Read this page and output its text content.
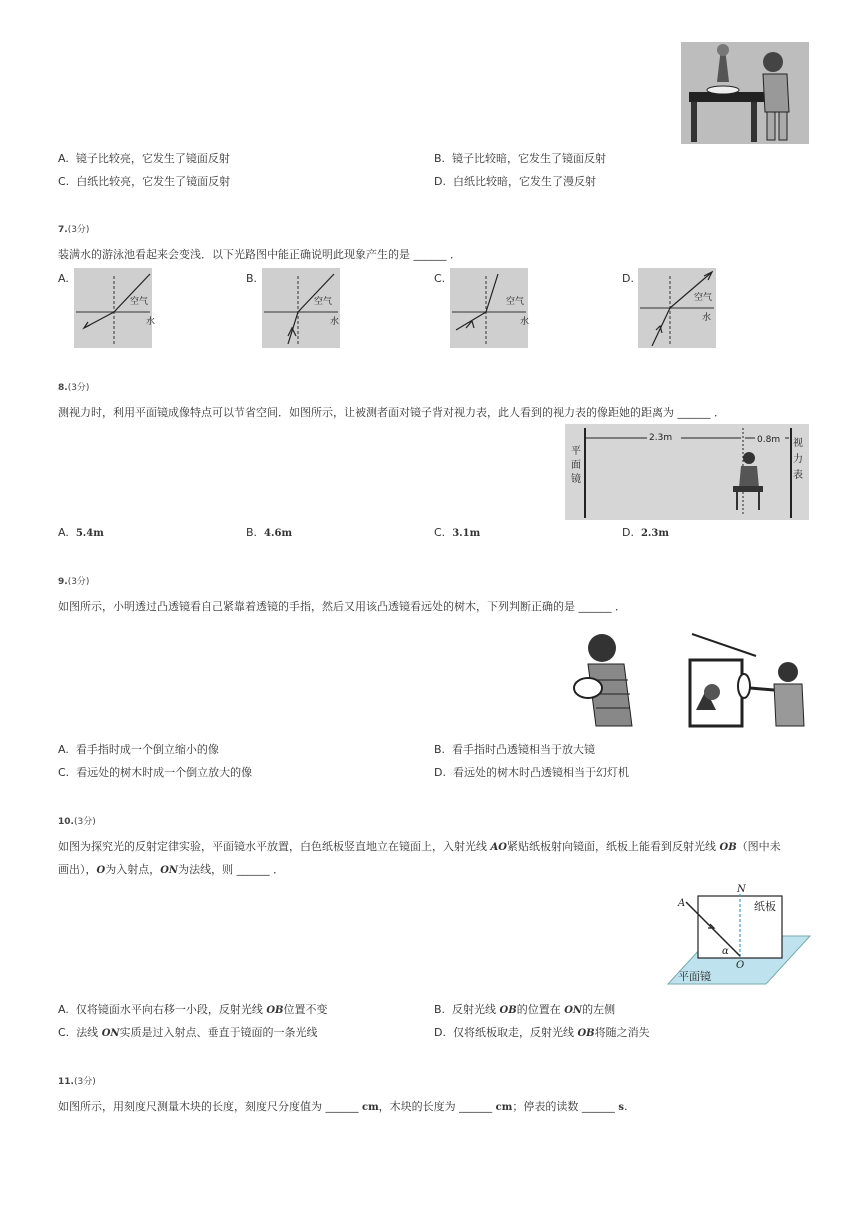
A. 镜子比较亮，它发生了镜面反射	B. 镜子比较暗，它发生了镜面反射
C. 白纸比较亮，它发生了镜面反射	D. 白纸比较暗，它发生了漫反射
7.(3分)
装满水的游泳池看起来会变浅．以下光路图中能正确说明此现象产生的是 ______ ．
A.	B.	C.	D.
空气
水
空气
水
空气
水
空气
水
8.(3分)
测视力时，利用平面镜成像特点可以节省空间．如图所示，让被测者面对镜子背对视力表，此人看到的视力表的像距她的距离为 ______ ．
平
面
镜
视
力
表
2.3m	0.8m
A. 5.4m	B. 4.6m	C. 3.1m	D. 2.3m
9.(3分)
如图所示，小明透过凸透镜看自己紧靠着透镜的手指，然后又用该凸透镜看远处的树木，下列判断正确的是 ______ ．
A. 看手指时成一个倒立缩小的像	B. 看手指时凸透镜相当于放大镜
C. 看远处的树木时成一个倒立放大的像	D. 看远处的树木时凸透镜相当于幻灯机
10.(3分)
如图为探究光的反射定律实验，平面镜水平放置，白色纸板竖直地立在镜面上，入射光线 AO紧贴纸板射向镜面，纸板上能看到反射光线 OB（图中未
画出），O为入射点，ON为法线，则 ______ ．
A
N
O
α
纸板
平面镜
A. 仅将镜面水平向右移一小段，反射光线 OB位置不变	B. 反射光线 OB的位置在 ON的左侧
C. 法线 ON实质是过入射点、垂直于镜面的一条光线	D. 仅将纸板取走，反射光线 OB将随之消失
11.(3分)
如图所示，用刻度尺测量木块的长度，刻度尺分度值为 ______ cm，木块的长度为 ______ cm；停表的读数 ______ s.
